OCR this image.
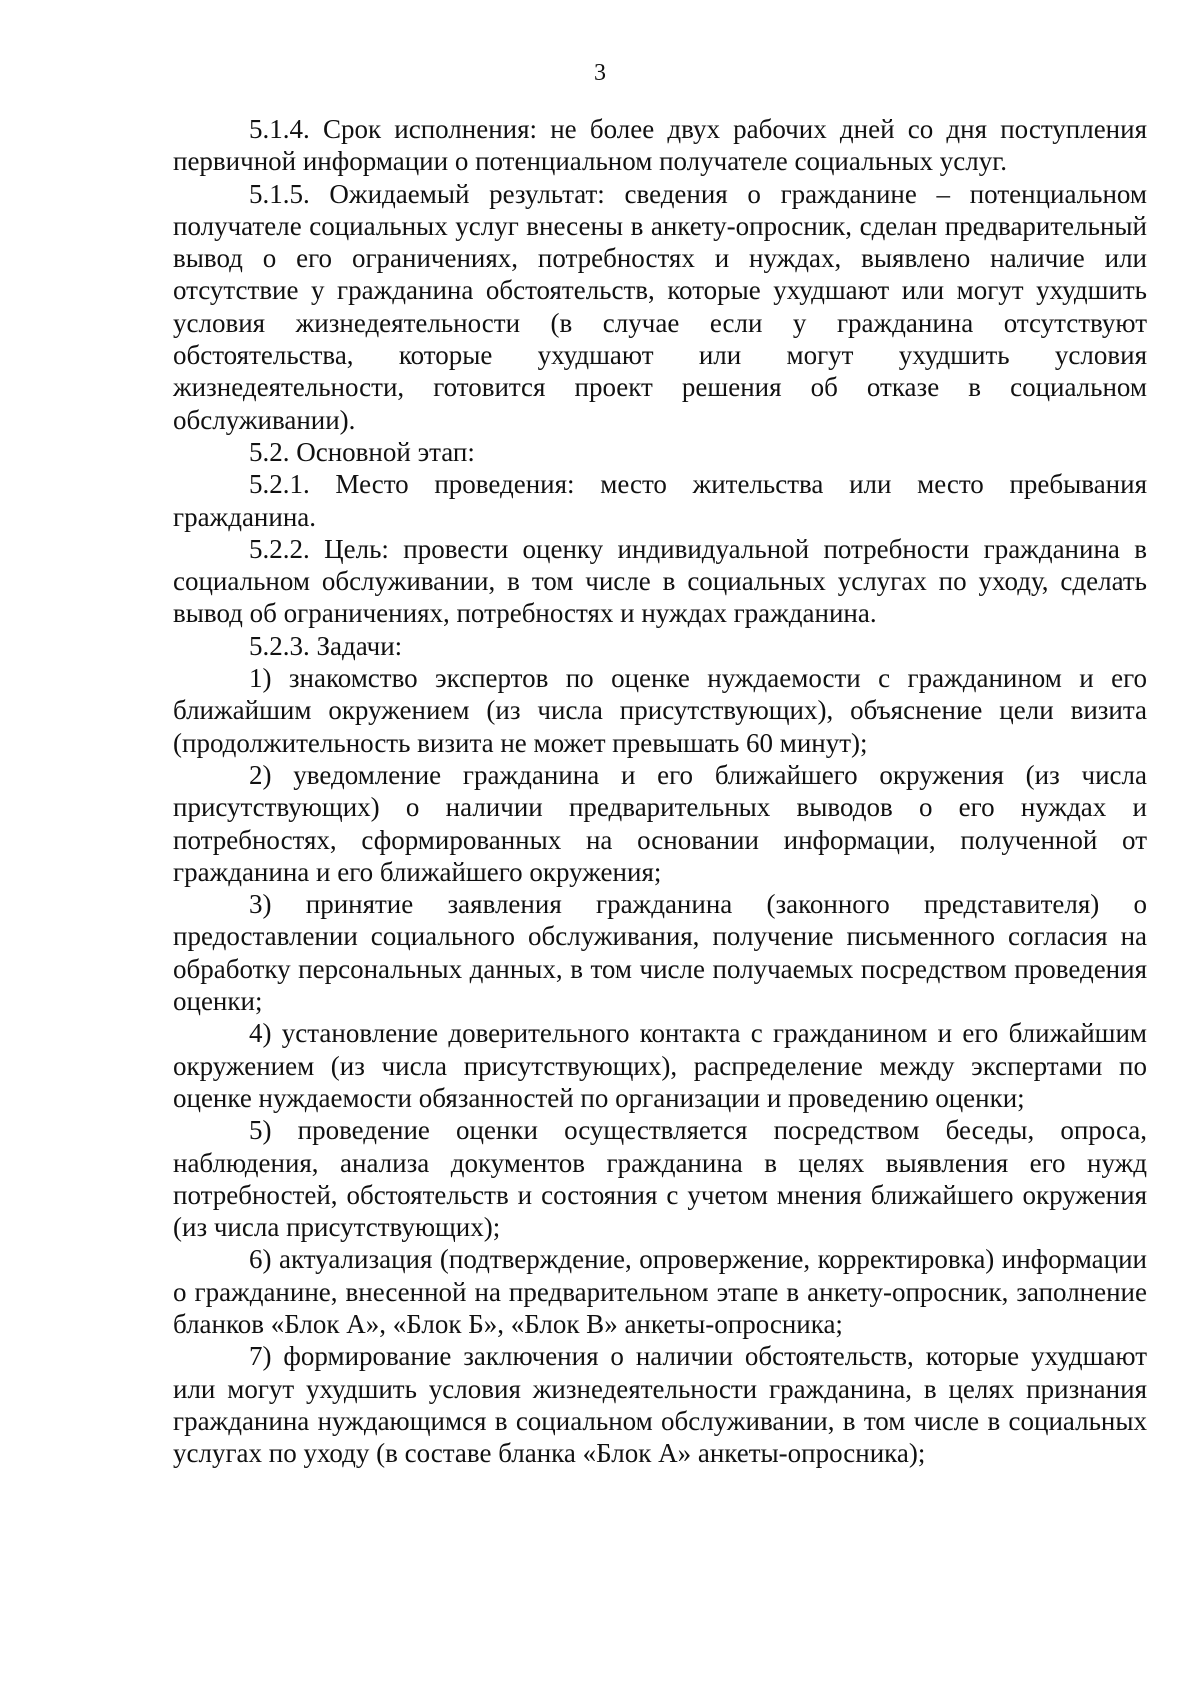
3

5.1.4. Срок исполнения: не более двух рабочих дней со дня поступления первичной информации о потенциальном получателе социальных услуг.

5.1.5. Ожидаемый результат: сведения о гражданине – потенциальном получателе социальных услуг внесены в анкету-опросник, сделан предварительный вывод о его ограничениях, потребностях и нуждах, выявлено наличие или отсутствие у гражданина обстоятельств, которые ухудшают или могут ухудшить условия жизнедеятельности (в случае если у гражданина отсутствуют обстоятельства, которые ухудшают или могут ухудшить условия жизнедеятельности, готовится проект решения об отказе в социальном обслуживании).

5.2. Основной этап:

5.2.1. Место проведения: место жительства или место пребывания гражданина.

5.2.2. Цель: провести оценку индивидуальной потребности гражданина в социальном обслуживании, в том числе в социальных услугах по уходу, сделать вывод об ограничениях, потребностях и нуждах гражданина.

5.2.3. Задачи:

1) знакомство экспертов по оценке нуждаемости с гражданином и его ближайшим окружением (из числа присутствующих), объяснение цели визита (продолжительность визита не может превышать 60 минут);

2) уведомление гражданина и его ближайшего окружения (из числа присутствующих) о наличии предварительных выводов о его нуждах и потребностях, сформированных на основании информации, полученной от гражданина и его ближайшего окружения;

3) принятие заявления гражданина (законного представителя) о предоставлении социального обслуживания, получение письменного согласия на обработку персональных данных, в том числе получаемых посредством проведения оценки;

4) установление доверительного контакта с гражданином и его ближайшим окружением (из числа присутствующих), распределение между экспертами по оценке нуждаемости обязанностей по организации и проведению оценки;

5) проведение оценки осуществляется посредством беседы, опроса, наблюдения, анализа документов гражданина в целях выявления его нужд потребностей, обстоятельств и состояния с учетом мнения ближайшего окружения (из числа присутствующих);

6) актуализация (подтверждение, опровержение, корректировка) информации о гражданине, внесенной на предварительном этапе в анкету-опросник, заполнение бланков «Блок А», «Блок Б», «Блок В» анкеты-опросника;

7) формирование заключения о наличии обстоятельств, которые ухудшают или могут ухудшить условия жизнедеятельности гражданина, в целях признания гражданина нуждающимся в социальном обслуживании, в том числе в социальных услугах по уходу (в составе бланка «Блок А» анкеты-опросника);
